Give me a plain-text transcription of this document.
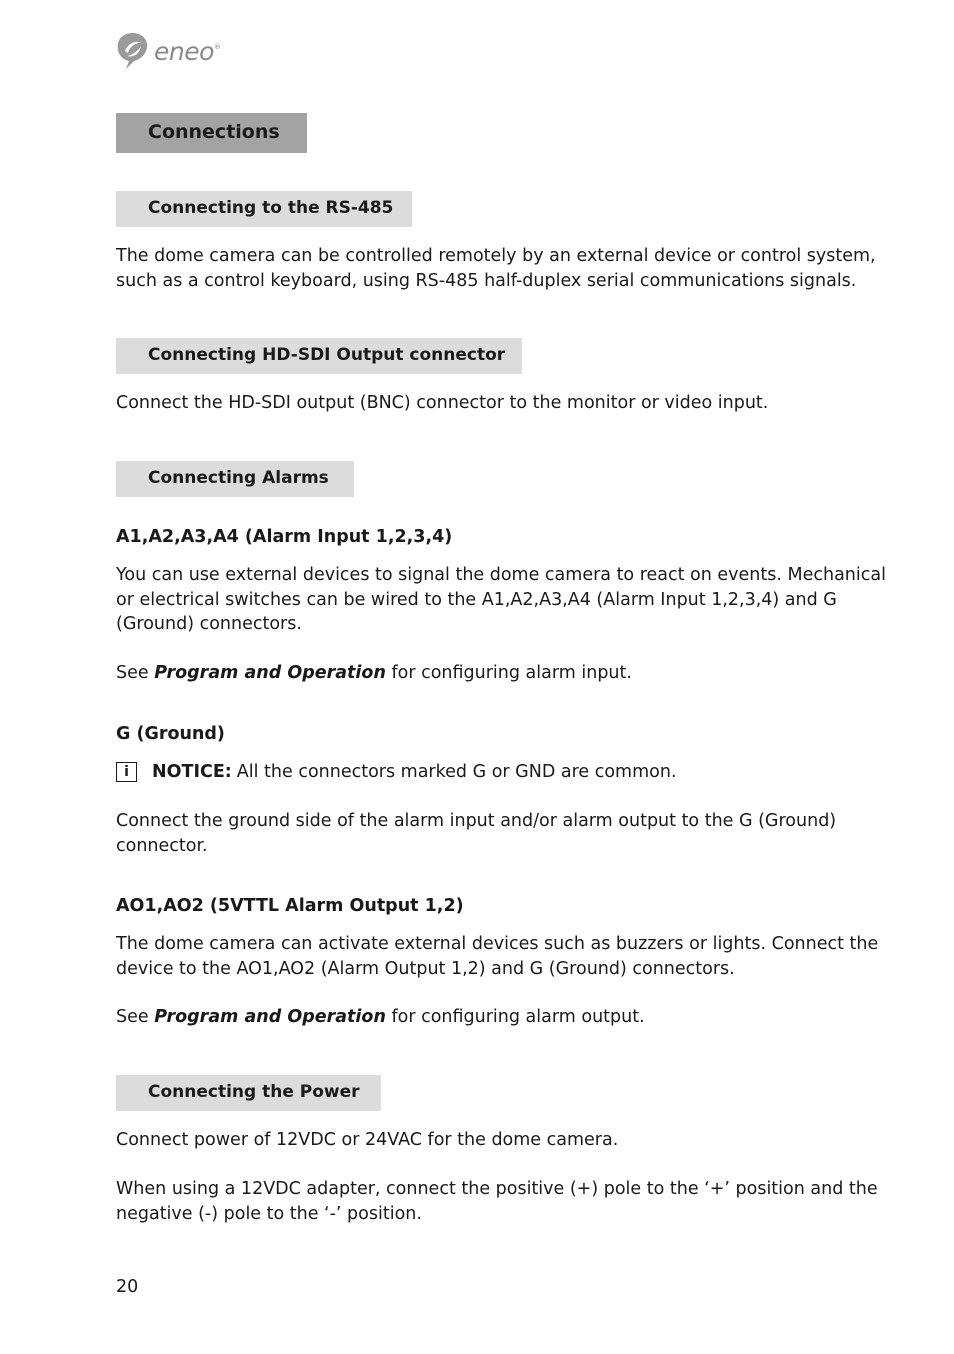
eneo ®
Connections
Connecting to the RS-485
The dome camera can be controlled remotely by an external device or control system, such as a control keyboard, using RS-485 half-duplex serial communications signals.
Connecting HD-SDI Output connector
Connect the HD-SDI output (BNC) connector to the monitor or video input.
Connecting Alarms
A1,A2,A3,A4 (Alarm Input 1,2,3,4)
You can use external devices to signal the dome camera to react on events. Mechanical or electrical switches can be wired to the A1,A2,A3,A4 (Alarm Input 1,2,3,4) and G (Ground) connectors.
See Program and Operation for configuring alarm input.
G (Ground)
i	NOTICE: All the connectors marked G or GND are common.
Connect the ground side of the alarm input and/or alarm output to the G (Ground) connector.
AO1,AO2 (5VTTL Alarm Output 1,2)
The dome camera can activate external devices such as buzzers or lights. Connect the device to the AO1,AO2 (Alarm Output 1,2) and G (Ground) connectors.
See Program and Operation for configuring alarm output.
Connecting the Power
Connect power of 12VDC or 24VAC for the dome camera.
When using a 12VDC adapter, connect the positive (+) pole to the ‘+’ position and the negative (-) pole to the ‘-’ position.
20
